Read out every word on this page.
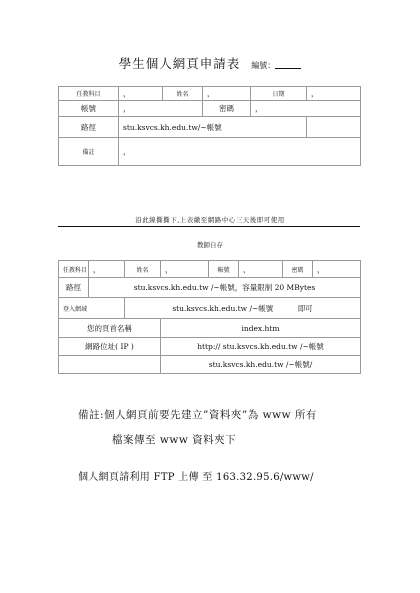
學生個人網頁申請表 編號：
任教科目	，	姓名	，	日期	，
帳號	，		密碼	，	
路徑	stu.ksvcs.kh.edu.tw/~帳號				
備註	，				
沿此線撕撕下,上表繳至網路中心三天後即可使用
教師自存
任教科目	，	姓名	，	帳號	，	密碼	，
路徑	stu.ksvcs.kh.edu.tw /~帳號，容量限制 20 MBytes						
登入網域		stu.ksvcs.kh.edu.tw /~帳號 即可					
您的頁首名稱			index.htm				
網路位址( IP )			http:// stu.ksvcs.kh.edu.tw /~帳號				
			stu.ksvcs.kh.edu.tw /~帳號/				
備註:個人網頁前要先建立”資料夾”為 www 所有
檔案傳至 www 資料夾下
個人網頁請利用 FTP 上傳 至 163.32.95.6/www/
